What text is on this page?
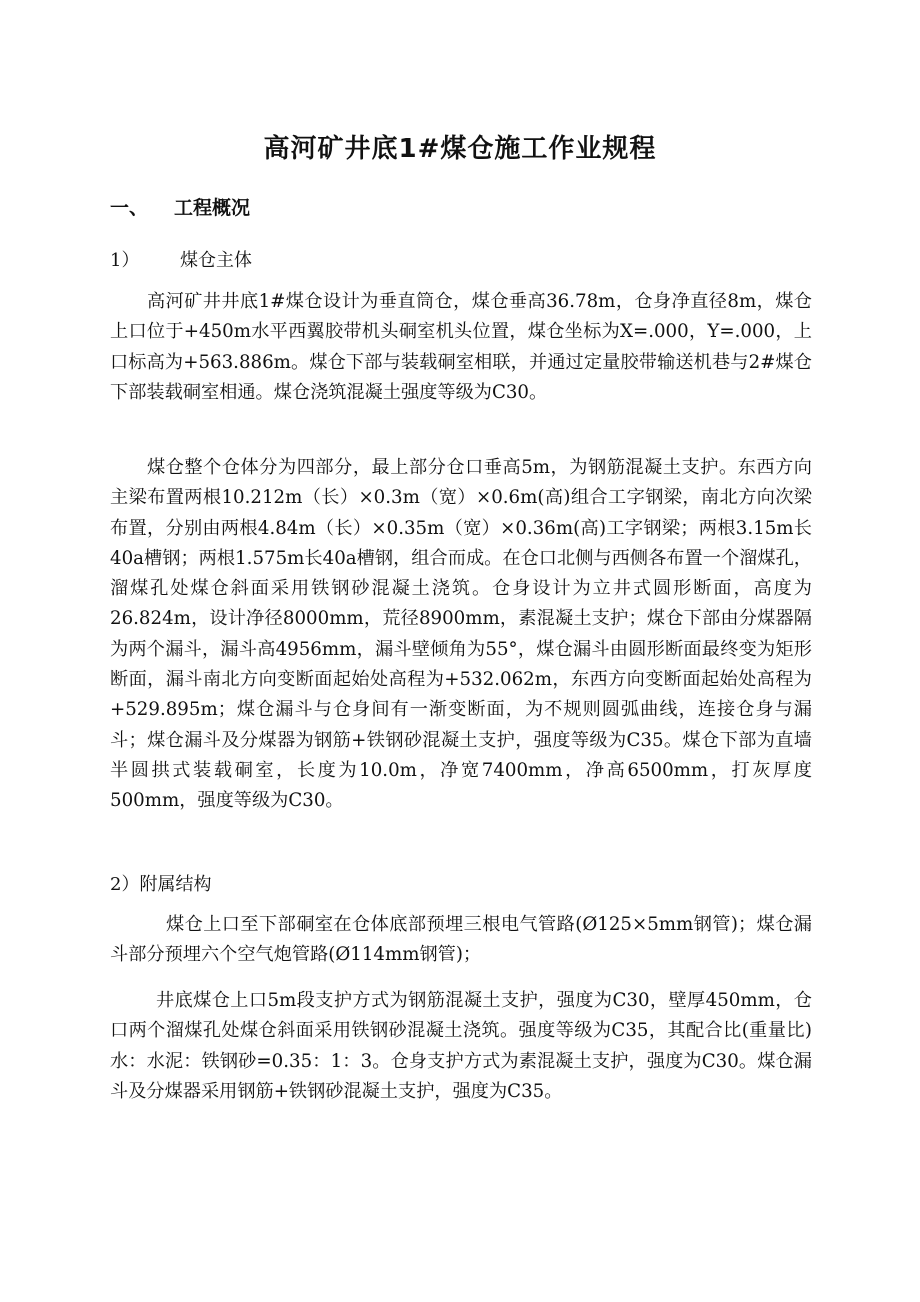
高河矿井底1#煤仓施工作业规程
一、 工程概况
1） 煤仓主体

高河矿井井底1#煤仓设计为垂直筒仓，煤仓垂高36.78m，仓身净直径8m，煤仓上口位于+450m水平西翼胶带机头硐室机头位置，煤仓坐标为X=.000，Y=.000，上口标高为+563.886m。煤仓下部与装载硐室相联，并通过定量胶带输送机巷与2#煤仓下部装载硐室相通。煤仓浇筑混凝土强度等级为C30。

煤仓整个仓体分为四部分，最上部分仓口垂高5m，为钢筋混凝土支护。东西方向主梁布置两根10.212m（长）×0.3m（宽）×0.6m(高)组合工字钢梁，南北方向次梁布置，分别由两根4.84m（长）×0.35m（宽）×0.36m(高)工字钢梁；两根3.15m长40a槽钢；两根1.575m长40a槽钢，组合而成。在仓口北侧与西侧各布置一个溜煤孔，溜煤孔处煤仓斜面采用铁钢砂混凝土浇筑。仓身设计为立井式圆形断面，高度为26.824m，设计净径8000mm，荒径8900mm，素混凝土支护；煤仓下部由分煤器隔为两个漏斗，漏斗高4956mm，漏斗壁倾角为55°，煤仓漏斗由圆形断面最终变为矩形断面，漏斗南北方向变断面起始处高程为+532.062m，东西方向变断面起始处高程为+529.895m；煤仓漏斗与仓身间有一渐变断面，为不规则圆弧曲线，连接仓身与漏斗；煤仓漏斗及分煤器为钢筋+铁钢砂混凝土支护，强度等级为C35。煤仓下部为直墙半圆拱式装载硐室，长度为10.0m，净宽7400mm，净高6500mm，打灰厚度500mm，强度等级为C30。

2）附属结构

煤仓上口至下部硐室在仓体底部预埋三根电气管路(Ø125×5mm钢管)；煤仓漏斗部分预埋六个空气炮管路(Ø114mm钢管)；

井底煤仓上口5m段支护方式为钢筋混凝土支护，强度为C30，壁厚450mm，仓口两个溜煤孔处煤仓斜面采用铁钢砂混凝土浇筑。强度等级为C35，其配合比(重量比)水：水泥：铁钢砂=0.35：1：3。仓身支护方式为素混凝土支护，强度为C30。煤仓漏斗及分煤器采用钢筋+铁钢砂混凝土支护，强度为C35。
